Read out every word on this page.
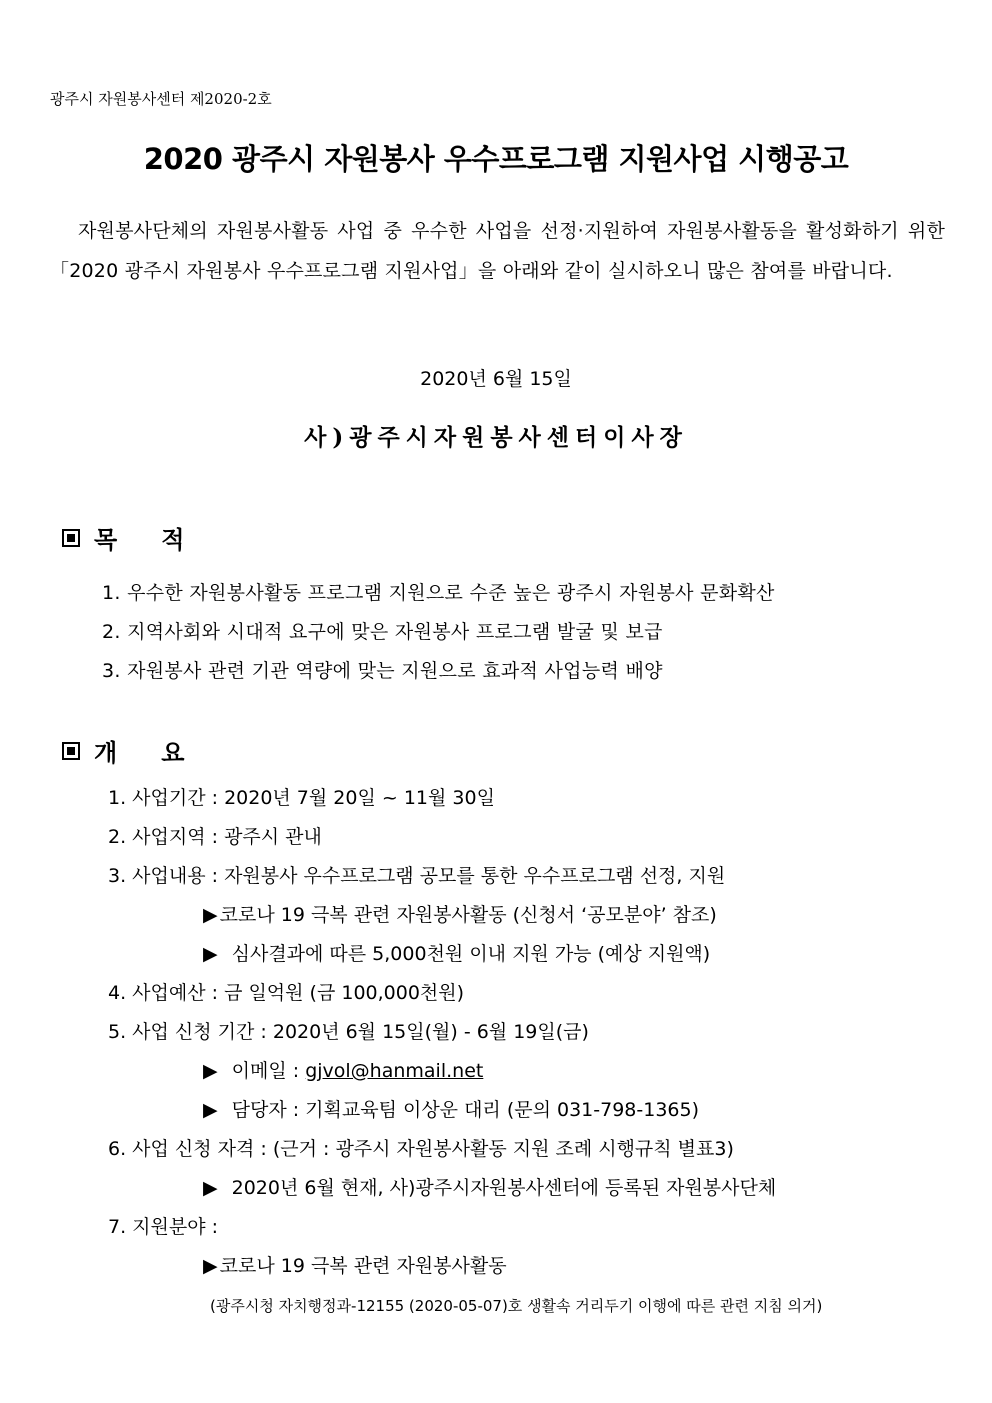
광주시 자원봉사센터 제2020-2호
2020 광주시 자원봉사 우수프로그램 지원사업 시행공고
자원봉사단체의 자원봉사활동 사업 중 우수한 사업을 선정·지원하여 자원봉사활동을 활성화하기 위한「2020 광주시 자원봉사 우수프로그램 지원사업」을 아래와 같이 실시하오니 많은 참여를 바랍니다.
2020년 6월 15일
사)광주시자원봉사센터이사장
목 적
1. 우수한 자원봉사활동 프로그램 지원으로 수준 높은 광주시 자원봉사 문화확산
2. 지역사회와 시대적 요구에 맞은 자원봉사 프로그램 발굴 및 보급
3. 자원봉사 관련 기관 역량에 맞는 지원으로 효과적 사업능력 배양
개 요
1. 사업기간 : 2020년 7월 20일 ~ 11월 30일
2. 사업지역 : 광주시 관내
3. 사업내용 : 자원봉사 우수프로그램 공모를 통한 우수프로그램 선정, 지원
▶ 코로나 19 극복 관련 자원봉사활동 (신청서 ‘공모분야’ 참조)
▶ 심사결과에 따른 5,000천원 이내 지원 가능 (예상 지원액)
4. 사업예산 : 금 일억원 (금 100,000천원)
5. 사업 신청 기간 : 2020년 6월 15일(월) - 6월 19일(금)
▶ 이메일 : gjvol@hanmail.net
▶ 담당자 : 기획교육팀 이상운 대리 (문의 031-798-1365)
6. 사업 신청 자격 : (근거 : 광주시 자원봉사활동 지원 조례 시행규칙 별표3)
▶ 2020년 6월 현재, 사)광주시자원봉사센터에 등록된 자원봉사단체
7. 지원분야 :
▶ 코로나 19 극복 관련 자원봉사활동
(광주시청 자치행정과-12155 (2020-05-07)호 생활속 거리두기 이행에 따른 관련 지침 의거)
